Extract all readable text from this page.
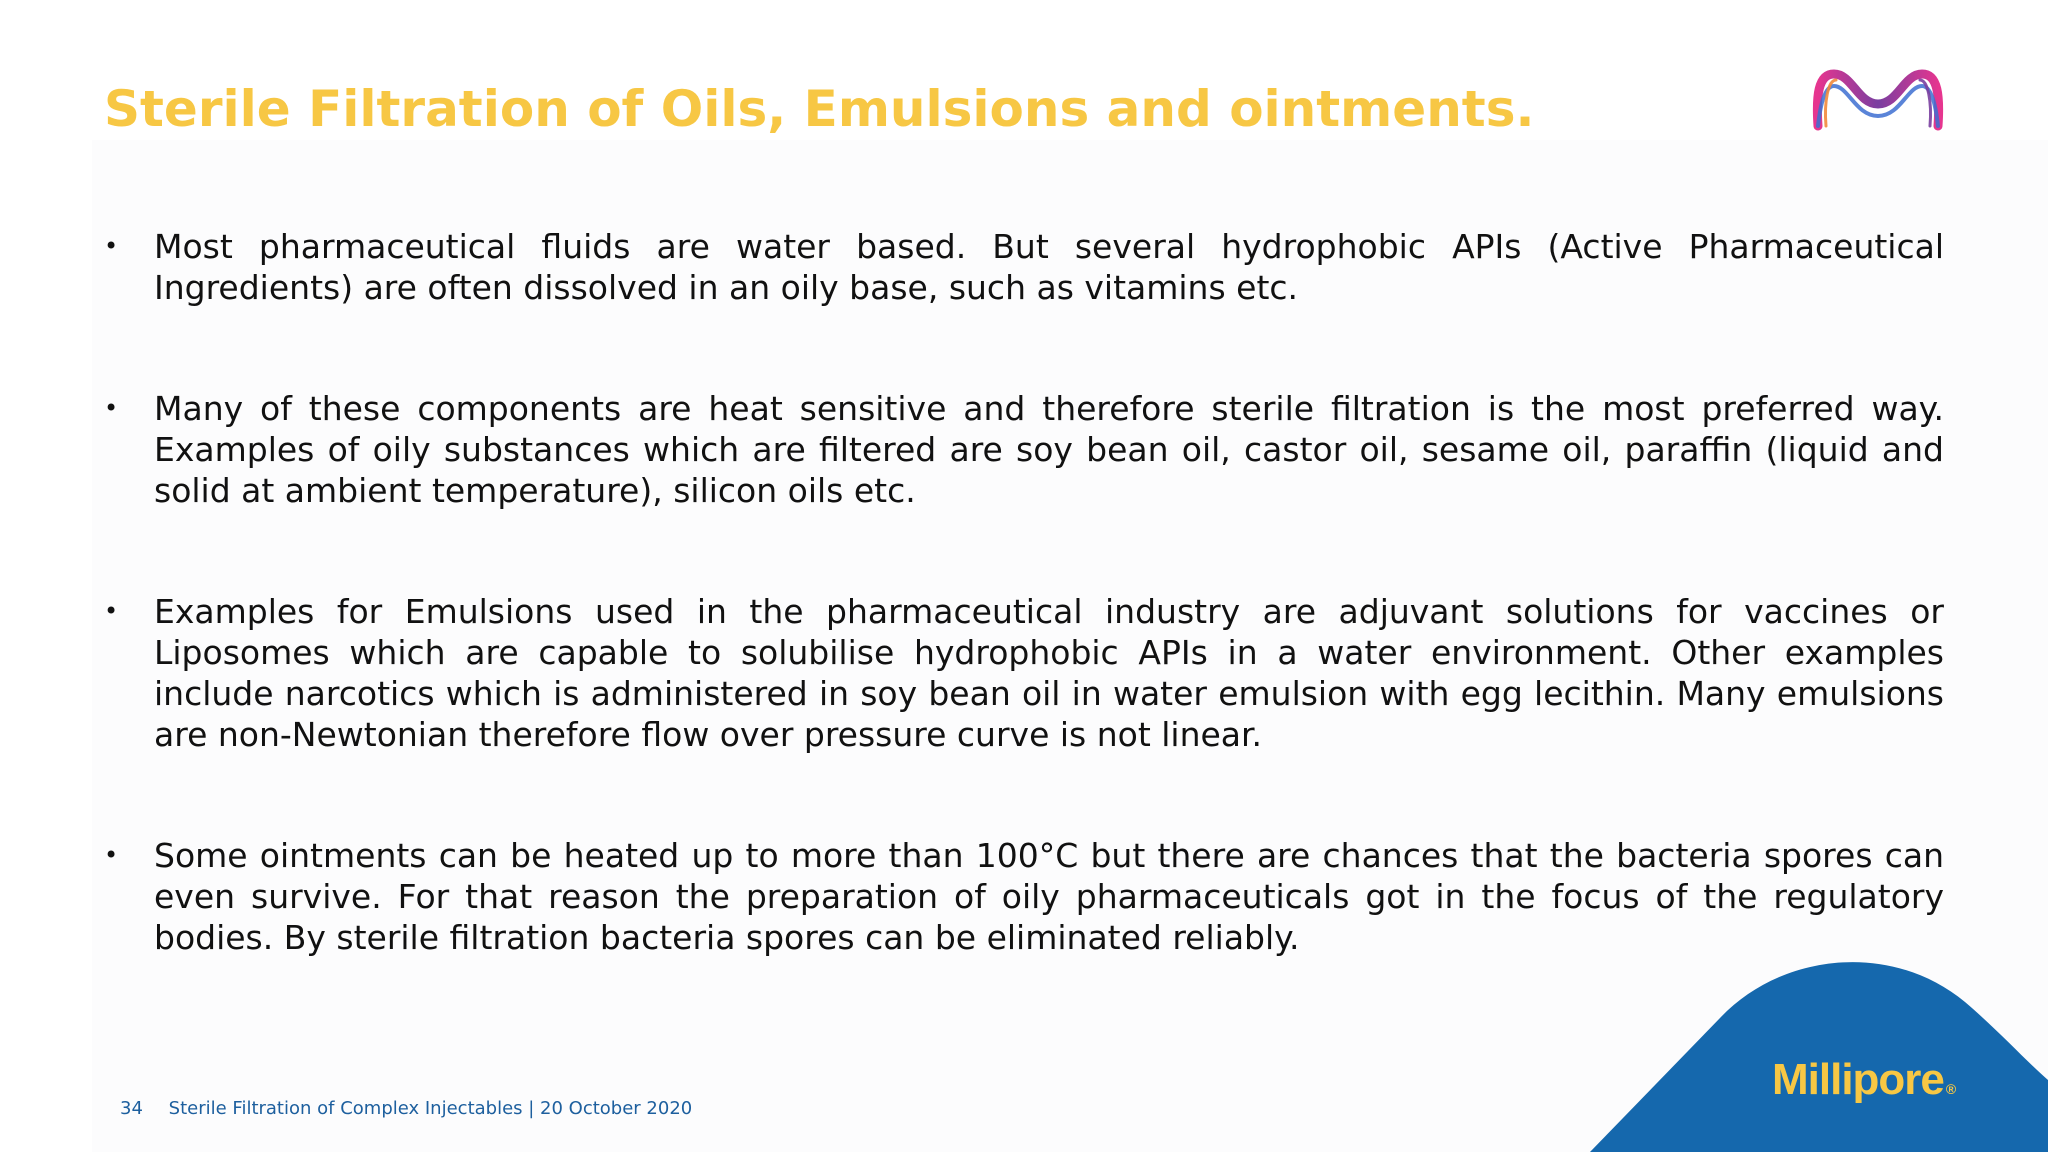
Sterile Filtration of Oils, Emulsions and ointments.
• Most pharmaceutical fluids are water based. But several hydrophobic APIs (Active Pharmaceutical Ingredients) are often dissolved in an oily base, such as vitamins etc.
• Many of these components are heat sensitive and therefore sterile filtration is the most preferred way. Examples of oily substances which are filtered are soy bean oil, castor oil, sesame oil, paraffin (liquid and solid at ambient temperature), silicon oils etc.
• Examples for Emulsions used in the pharmaceutical industry are adjuvant solutions for vaccines or Liposomes which are capable to solubilise hydrophobic APIs in a water environment. Other examples include narcotics which is administered in soy bean oil in water emulsion with egg lecithin. Many emulsions are non-Newtonian therefore flow over pressure curve is not linear.
• Some ointments can be heated up to more than 100°C but there are chances that the bacteria spores can even survive. For that reason the preparation of oily pharmaceuticals got in the focus of the regulatory bodies. By sterile filtration bacteria spores can be eliminated reliably.
34 Sterile Filtration of Complex Injectables | 20 October 2020
Millipore ®
